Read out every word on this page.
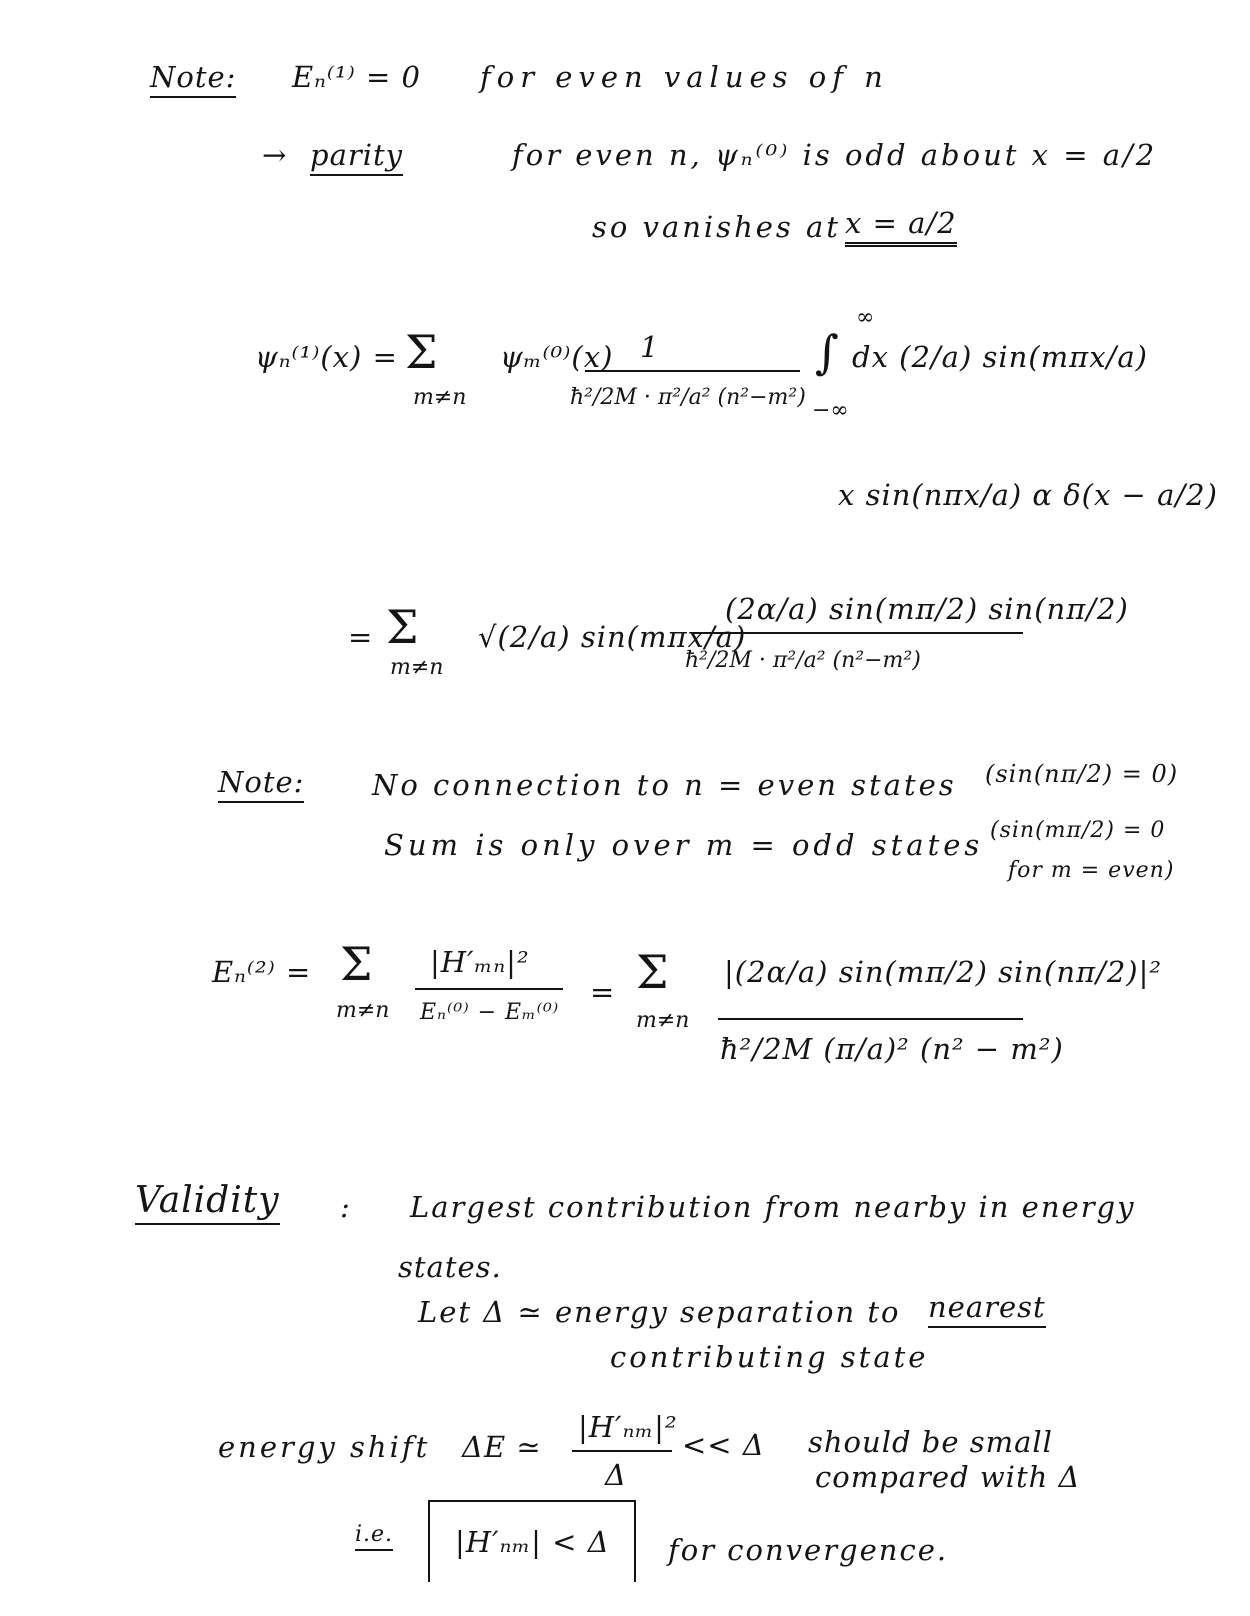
Note: Eₙ⁽¹⁾ = 0 for even values of n
→ parity	for even n, ψₙ⁽⁰⁾ is odd about x = a/2
so vanishes at x = a/2
ψₙ⁽¹⁾(x) = Σ
m≠n
ψₘ⁽⁰⁾(x) 1
ħ²/2M · π²/a² (n²−m²)
∫
∞
−∞
dx (2/a) sin(mπx/a)
x sin(nπx/a) α δ(x − a/2)
= Σ
m≠n
√(2/a) sin(mπx/a)
(2α/a) sin(mπ/2) sin(nπ/2)
ħ²/2M · π²/a² (n²−m²)
Note: No connection to n = even states (sin(nπ/2) = 0)
Sum is only over m = odd states (sin(mπ/2) = 0
for m = even)
Eₙ⁽²⁾ = Σ
m≠n
|H′ₘₙ|²
Eₙ⁽⁰⁾ − Eₘ⁽⁰⁾
= Σ
m≠n
|(2α/a) sin(mπ/2) sin(nπ/2)|²
ħ²/2M (π/a)² (n² − m²)
Validity : Largest contribution from nearby in energy
states.
Let Δ ≃ energy separation to nearest
contributing state
energy shift ΔE ≃
|H′ₙₘ|²
Δ
<< Δ should be small
compared with Δ
i.e. |H′ₙₘ| < Δ for convergence.
